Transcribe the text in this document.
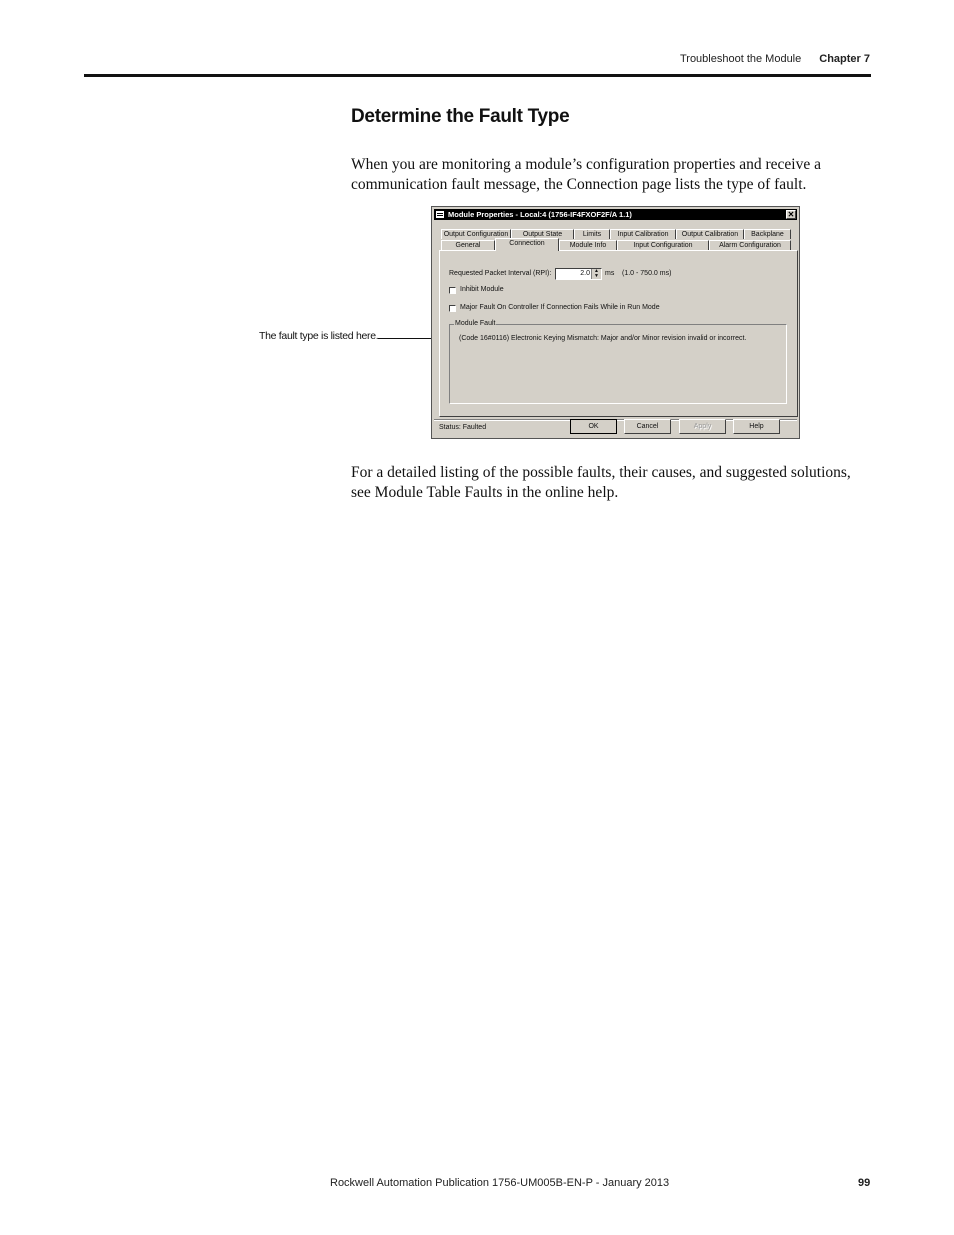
Troubleshoot the Module Chapter 7
Determine the Fault Type

When you are monitoring a module’s configuration properties and receive a communication fault message, the Connection page lists the type of fault.

The fault type is listed here.
Module Properties - Local:4 (1756-IF4FXOF2F/A 1.1)	✕
Output Configuration	Output State	Limits	Input Calibration	Output Calibration	Backplane
General	Connection	Module Info	Input Configuration	Alarm Configuration
Requested Packet Interval (RPI):	2.0 ▲
▼ ms (1.0 - 750.0 ms)
Inhibit Module
Major Fault On Controller If Connection Fails While in Run Mode
Module Fault
(Code 16#0116) Electronic Keying Mismatch: Major and/or Minor revision invalid or incorrect.
Status: Faulted	OK	Cancel	Apply	Help

For a detailed listing of the possible faults, their causes, and suggested solutions, see Module Table Faults in the online help.

Rockwell Automation Publication 1756-UM005B-EN-P - January 2013	99
